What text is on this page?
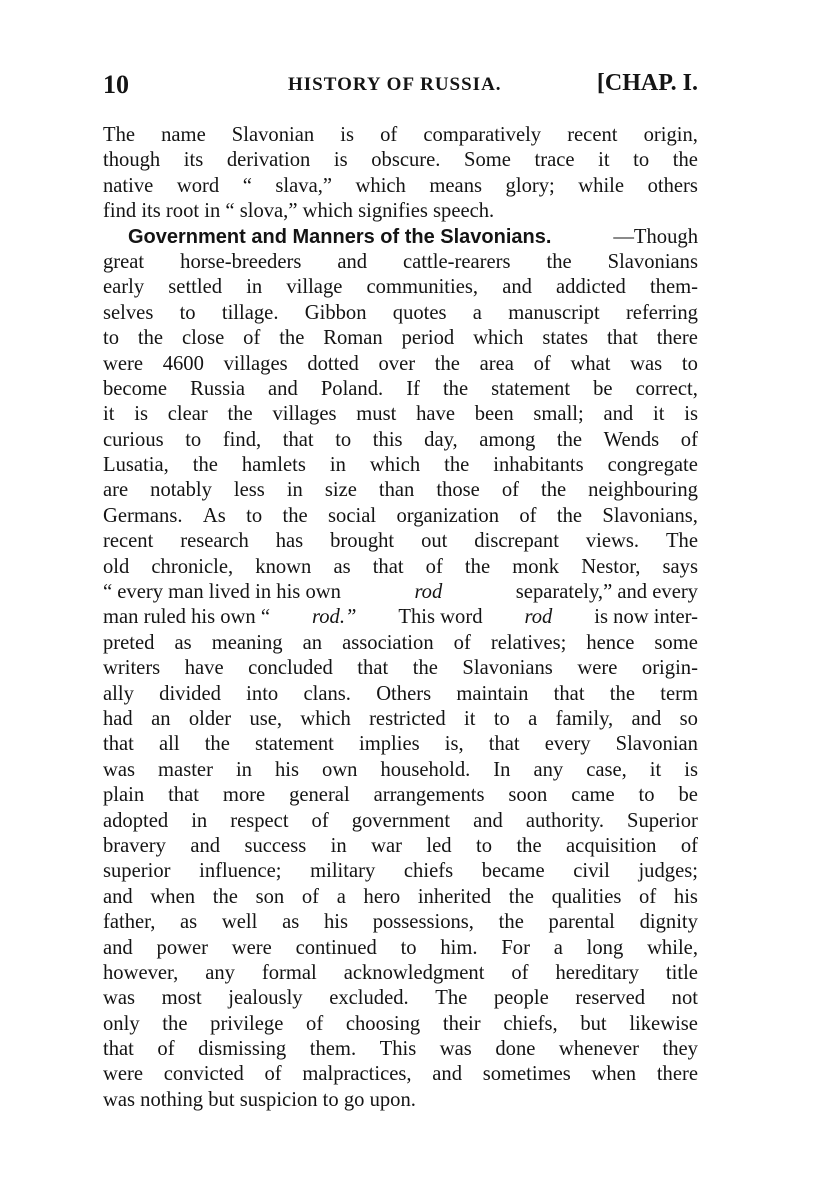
10	HISTORY OF RUSSIA.	[CHAP. I.
The name Slavonian is of comparatively recent origin,
though its derivation is obscure. Some trace it to the
native word “ slava,” which means glory; while others
find its root in “ slova,” which signifies speech.
Government and Manners of the Slavonians.	—Though
great horse-breeders and cattle-rearers the Slavonians
early settled in village communities, and addicted them-
selves to tillage. Gibbon quotes a manuscript referring
to the close of the Roman period which states that there
were 4600 villages dotted over the area of what was to
become Russia and Poland. If the statement be correct,
it is clear the villages must have been small; and it is
curious to find, that to this day, among the Wends of
Lusatia, the hamlets in which the inhabitants congregate
are notably less in size than those of the neighbouring
Germans. As to the social organization of the Slavonians,
recent research has brought out discrepant views. The
old chronicle, known as that of the monk Nestor, says
“ every man lived in his own	rod	separately,” and every
man ruled his own “ rod.” This word rod is now inter-
preted as meaning an association of relatives; hence some
writers have concluded that the Slavonians were origin-
ally divided into clans. Others maintain that the term
had an older use, which restricted it to a family, and so
that all the statement implies is, that every Slavonian
was master in his own household. In any case, it is
plain that more general arrangements soon came to be
adopted in respect of government and authority. Superior
bravery and success in war led to the acquisition of
superior influence; military chiefs became civil judges;
and when the son of a hero inherited the qualities of his
father, as well as his possessions, the parental dignity
and power were continued to him. For a long while,
however, any formal acknowledgment of hereditary title
was most jealously excluded. The people reserved not
only the privilege of choosing their chiefs, but likewise
that of dismissing them. This was done whenever they
were convicted of malpractices, and sometimes when there
was nothing but suspicion to go upon.
